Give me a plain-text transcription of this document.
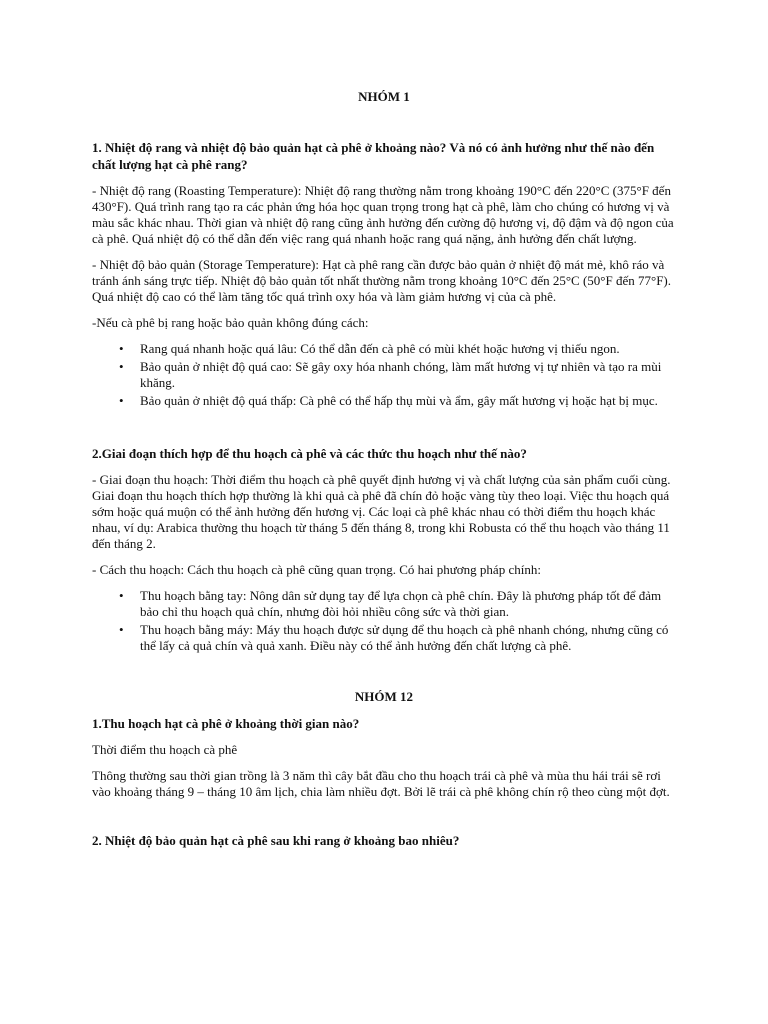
NHÓM 1

1. Nhiệt độ rang và nhiệt độ bảo quản hạt cà phê ở khoảng nào? Và nó có ảnh hưởng như thế nào đến chất lượng hạt cà phê rang?

- Nhiệt độ rang (Roasting Temperature): Nhiệt độ rang thường nằm trong khoảng 190°C đến 220°C (375°F đến 430°F). Quá trình rang tạo ra các phản ứng hóa học quan trọng trong hạt cà phê, làm cho chúng có hương vị và màu sắc khác nhau. Thời gian và nhiệt độ rang cũng ảnh hưởng đến cường độ hương vị, độ đậm và độ ngon của cà phê. Quá nhiệt độ có thể dẫn đến việc rang quá nhanh hoặc rang quá nặng, ảnh hưởng đến chất lượng.

- Nhiệt độ bảo quản (Storage Temperature): Hạt cà phê rang cần được bảo quản ở nhiệt độ mát mẻ, khô ráo và tránh ánh sáng trực tiếp. Nhiệt độ bảo quản tốt nhất thường nằm trong khoảng 10°C đến 25°C (50°F đến 77°F). Quá nhiệt độ cao có thể làm tăng tốc quá trình oxy hóa và làm giảm hương vị của cà phê.

-Nếu cà phê bị rang hoặc bảo quản không đúng cách:

• Rang quá nhanh hoặc quá lâu: Có thể dẫn đến cà phê có mùi khét hoặc hương vị thiếu ngon.
• Bảo quản ở nhiệt độ quá cao: Sẽ gây oxy hóa nhanh chóng, làm mất hương vị tự nhiên và tạo ra mùi khăng.
• Bảo quản ở nhiệt độ quá thấp: Cà phê có thể hấp thụ mùi và ẩm, gây mất hương vị hoặc hạt bị mục.

2.Giai đoạn thích hợp để thu hoạch cà phê và các thức thu hoạch như thế nào?

- Giai đoạn thu hoạch: Thời điểm thu hoạch cà phê quyết định hương vị và chất lượng của sản phẩm cuối cùng. Giai đoạn thu hoạch thích hợp thường là khi quả cà phê đã chín đỏ hoặc vàng tùy theo loại. Việc thu hoạch quá sớm hoặc quá muộn có thể ảnh hưởng đến hương vị. Các loại cà phê khác nhau có thời điểm thu hoạch khác nhau, ví dụ: Arabica thường thu hoạch từ tháng 5 đến tháng 8, trong khi Robusta có thể thu hoạch vào tháng 11 đến tháng 2.

- Cách thu hoạch: Cách thu hoạch cà phê cũng quan trọng. Có hai phương pháp chính:

• Thu hoạch bằng tay: Nông dân sử dụng tay để lựa chọn cà phê chín. Đây là phương pháp tốt để đảm bảo chỉ thu hoạch quả chín, nhưng đòi hỏi nhiều công sức và thời gian.
• Thu hoạch bằng máy: Máy thu hoạch được sử dụng để thu hoạch cà phê nhanh chóng, nhưng cũng có thể lấy cả quả chín và quả xanh. Điều này có thể ảnh hưởng đến chất lượng cà phê.
NHÓM 12

1.Thu hoạch hạt cà phê ở khoảng thời gian nào?

Thời điểm thu hoạch cà phê

Thông thường sau thời gian trồng là 3 năm thì cây bắt đầu cho thu hoạch trái cà phê và mùa thu hái trái sẽ rơi vào khoảng tháng 9 – tháng 10 âm lịch, chia làm nhiều đợt. Bởi lẽ trái cà phê không chín rộ theo cùng một đợt.

2. Nhiệt độ bảo quản hạt cà phê sau khi rang ở khoảng bao nhiêu?
